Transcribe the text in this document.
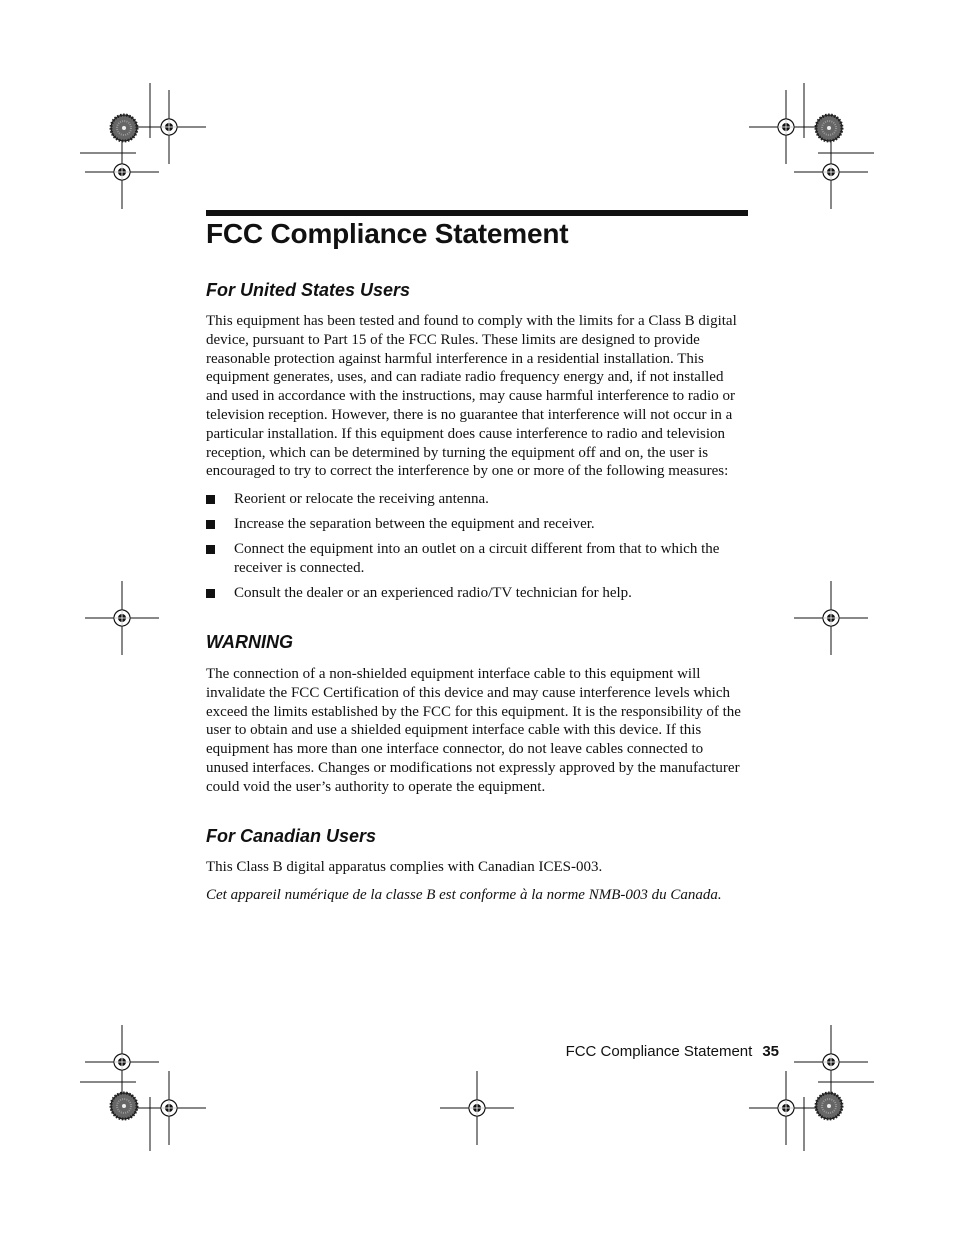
FCC Compliance Statement
For United States Users

This equipment has been tested and found to comply with the limits for a Class B digital device, pursuant to Part 15 of the FCC Rules. These limits are designed to provide reasonable protection against harmful interference in a residential installation. This equipment generates, uses, and can radiate radio frequency energy and, if not installed and used in accordance with the instructions, may cause harmful interference to radio or television reception. However, there is no guarantee that interference will not occur in a particular installation. If this equipment does cause interference to radio and television reception, which can be determined by turning the equipment off and on, the user is encouraged to try to correct the interference by one or more of the following measures:

Reorient or relocate the receiving antenna.
Increase the separation between the equipment and receiver.
Connect the equipment into an outlet on a circuit different from that to which the receiver is connected.
Consult the dealer or an experienced radio/TV technician for help.
WARNING

The connection of a non-shielded equipment interface cable to this equipment will invalidate the FCC Certification of this device and may cause interference levels which exceed the limits established by the FCC for this equipment. It is the responsibility of the user to obtain and use a shielded equipment interface cable with this device. If this equipment has more than one interface connector, do not leave cables connected to unused interfaces. Changes or modifications not expressly approved by the manufacturer could void the user’s authority to operate the equipment.

For Canadian Users

This Class B digital apparatus complies with Canadian ICES-003.

Cet appareil numérique de la classe B est conforme à la norme NMB-003 du Canada.

FCC Compliance Statement 35
